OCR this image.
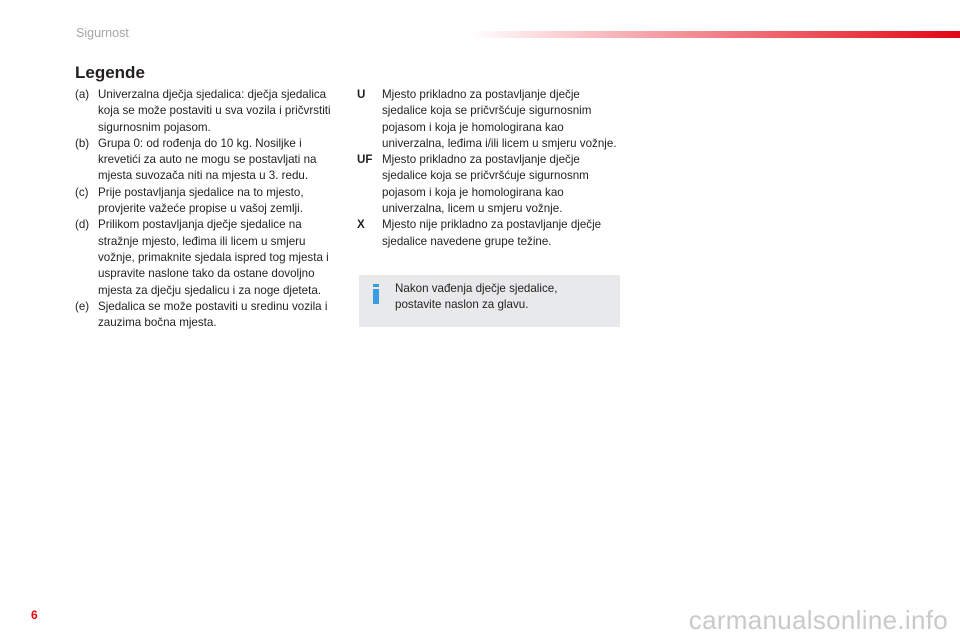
Sigurnost
Legende
(a) Univerzalna dječja sjedalica: dječja sjedalica koja se može postaviti u sva vozila i pričvrstiti sigurnosnim pojasom.
(b) Grupa 0: od rođenja do 10 kg. Nosiljke i krevetići za auto ne mogu se postavljati na mjesta suvozača niti na mjesta u 3. redu.
(c) Prije postavljanja sjedalice na to mjesto, provjerite važeće propise u vašoj zemlji.
(d) Prilikom postavljanja dječje sjedalice na stražnje mjesto, leđima ili licem u smjeru vožnje, primaknite sjedala ispred tog mjesta i uspravite naslone tako da ostane dovoljno mjesta za dječju sjedalicu i za noge djeteta.
(e) Sjedalica se može postaviti u sredinu vozila i zauzima bočna mjesta.
U	Mjesto prikladno za postavljanje dječje sjedalice koja se pričvršćuje sigurnosnim pojasom i koja je homologirana kao univerzalna, leđima i/ili licem u smjeru vožnje.
UF Mjesto prikladno za postavljanje dječje sjedalice koja se pričvršćuje sigurnosnm pojasom i koja je homologirana kao univerzalna, licem u smjeru vožnje.
X	Mjesto nije prikladno za postavljanje dječje sjedalice navedene grupe težine.
Nakon vađenja dječje sjedalice, postavite naslon za glavu.
6	carmanualsonline.info
